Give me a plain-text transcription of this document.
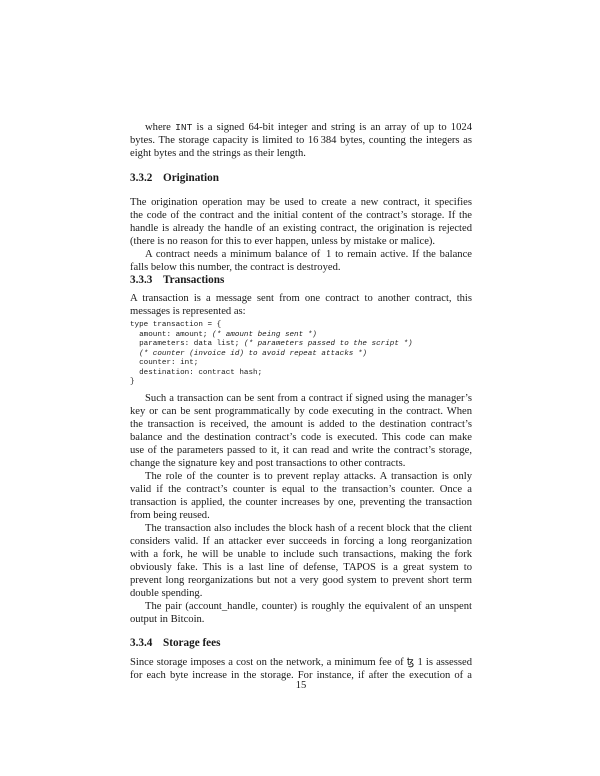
where INT is a signed 64-bit integer and string is an array of up to 1024
bytes. The storage capacity is limited to 16 384 bytes, counting the integers as
eight bytes and the strings as their length.
3.3.2 Origination
The origination operation may be used to create a new contract, it specifies
the code of the contract and the initial content of the contract’s storage. If the
handle is already the handle of an existing contract, the origination is rejected
(there is no reason for this to ever happen, unless by mistake or malice).
A contract needs a minimum balance of  1 to remain active. If the balance
falls below this number, the contract is destroyed.
3.3.3 Transactions
A transaction is a message sent from one contract to another contract, this
messages is represented as:
type transaction = {
amount: amount; (* amount being sent *)
parameters: data list; (* parameters passed to the script *)
(* counter (invoice id) to avoid repeat attacks *)
counter: int;
destination: contract hash;
}
Such a transaction can be sent from a contract if signed using the manager’s
key or can be sent programmatically by code executing in the contract. When
the transaction is received, the amount is added to the destination contract’s
balance and the destination contract’s code is executed. This code can make
use of the parameters passed to it, it can read and write the contract’s storage,
change the signature key and post transactions to other contracts.
The role of the counter is to prevent replay attacks. A transaction is only
valid if the contract’s counter is equal to the transaction’s counter. Once a
transaction is applied, the counter increases by one, preventing the transaction
from being reused.
The transaction also includes the block hash of a recent block that the client
considers valid. If an attacker ever succeeds in forcing a long reorganization
with a fork, he will be unable to include such transactions, making the fork
obviously fake. This is a last line of defense, TAPOS is a great system to
prevent long reorganizations but not a very good system to prevent short term
double spending.
The pair (account_handle, counter) is roughly the equivalent of an unspent
output in Bitcoin.
3.3.4 Storage fees
Since storage imposes a cost on the network, a minimum fee of ꜩ 1 is assessed
for each byte increase in the storage. For instance, if after the execution of a
15
